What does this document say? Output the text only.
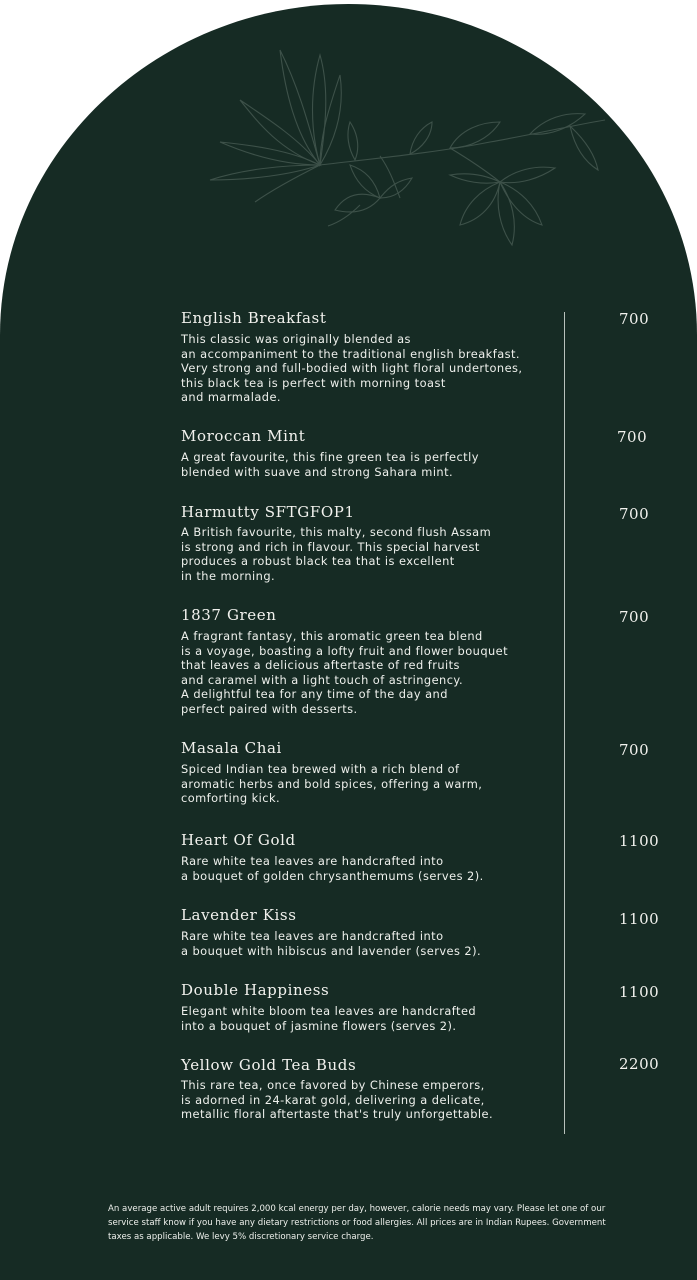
English Breakfast
This classic was originally blended as
an accompaniment to the traditional english breakfast.
Very strong and full-bodied with light floral undertones,
this black tea is perfect with morning toast
and marmalade.
700
Moroccan Mint
A great favourite, this fine green tea is perfectly
blended with suave and strong Sahara mint.
700
Harmutty SFTGFOP1
A British favourite, this malty, second flush Assam
is strong and rich in flavour. This special harvest
produces a robust black tea that is excellent
in the morning.
700
1837 Green
A fragrant fantasy, this aromatic green tea blend
is a voyage, boasting a lofty fruit and flower bouquet
that leaves a delicious aftertaste of red fruits
and caramel with a light touch of astringency.
A delightful tea for any time of the day and
perfect paired with desserts.
700
Masala Chai
Spiced Indian tea brewed with a rich blend of
aromatic herbs and bold spices, offering a warm,
comforting kick.
700
Heart Of Gold
Rare white tea leaves are handcrafted into
a bouquet of golden chrysanthemums (serves 2).
1100
Lavender Kiss
Rare white tea leaves are handcrafted into
a bouquet with hibiscus and lavender (serves 2).
1100
Double Happiness
Elegant white bloom tea leaves are handcrafted
into a bouquet of jasmine flowers (serves 2).
1100
Yellow Gold Tea Buds
This rare tea, once favored by Chinese emperors,
is adorned in 24-karat gold, delivering a delicate,
metallic floral aftertaste that's truly unforgettable.
2200
An average active adult requires 2,000 kcal energy per day, however, calorie needs may vary. Please let one of our
service staff know if you have any dietary restrictions or food allergies. All prices are in Indian Rupees. Government
taxes as applicable. We levy 5% discretionary service charge.
